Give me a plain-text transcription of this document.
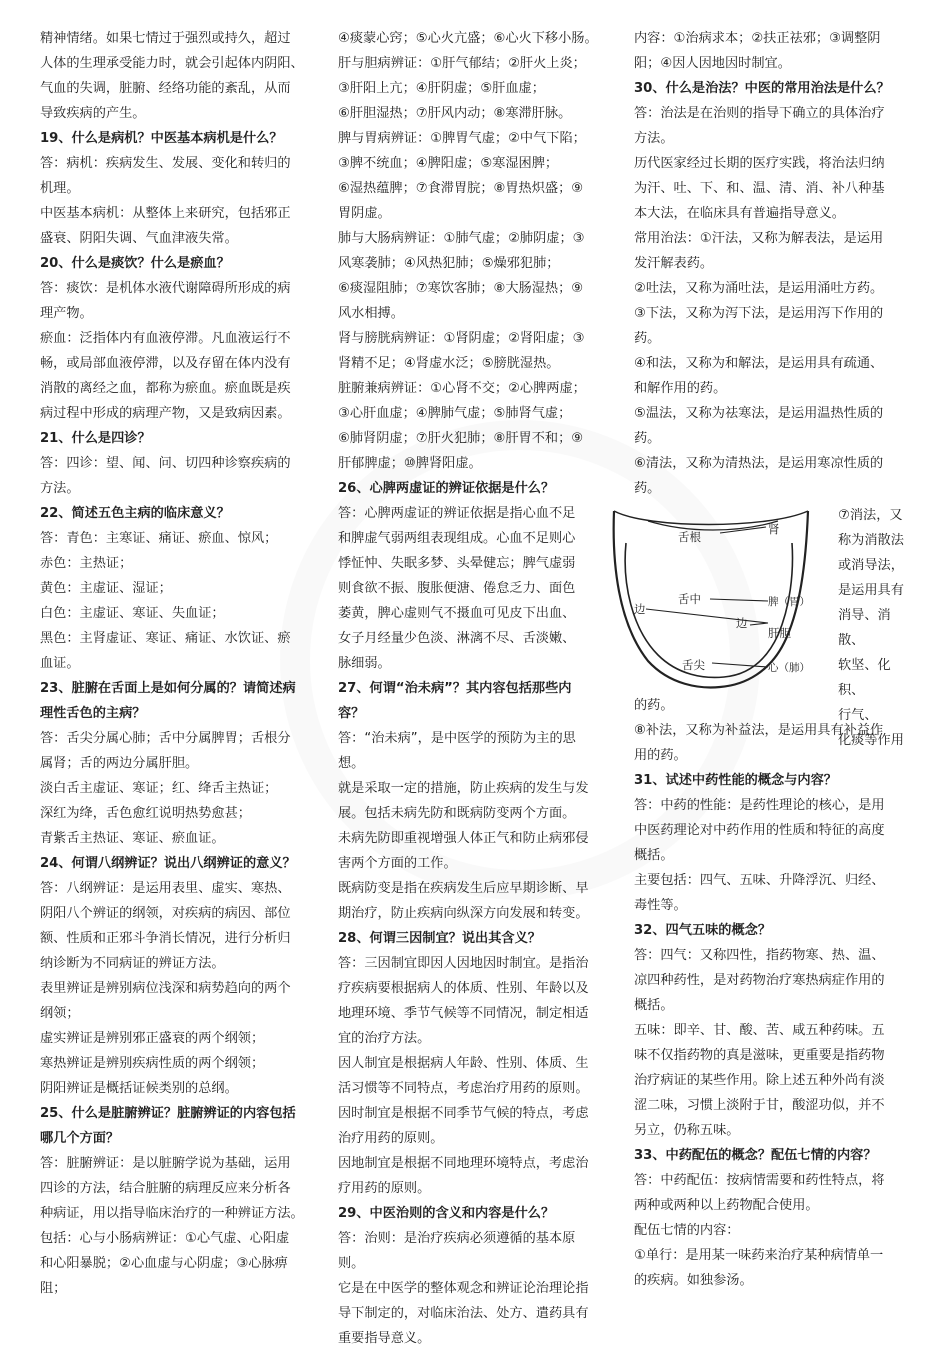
精神情绪。如果七情过于强烈或持久，超过
人体的生理承受能力时，就会引起体内阴阳、
气血的失调，脏腑、经络功能的紊乱，从而
导致疾病的产生。
19、什么是病机？中医基本病机是什么？
答：病机：疾病发生、发展、变化和转归的
机理。
中医基本病机：从整体上来研究，包括邪正
盛衰、阴阳失调、气血津液失常。
20、什么是痰饮？什么是瘀血？
答：痰饮：是机体水液代谢障碍所形成的病
理产物。
瘀血：泛指体内有血液停滞。凡血液运行不
畅，或局部血液停滞，以及存留在体内没有
消散的离经之血，都称为瘀血。瘀血既是疾
病过程中形成的病理产物，又是致病因素。
21、什么是四诊？
答：四诊：望、闻、问、切四种诊察疾病的
方法。
22、简述五色主病的临床意义？
答：青色：主寒证、痛证、瘀血、惊风；
赤色：主热证；
黄色：主虚证、湿证；
白色：主虚证、寒证、失血证；
黑色：主肾虚证、寒证、痛证、水饮证、瘀
血证。
23、脏腑在舌面上是如何分属的？请简述病
理性舌色的主病？
答：舌尖分属心肺；舌中分属脾胃；舌根分
属肾；舌的两边分属肝胆。
淡白舌主虚证、寒证；红、绛舌主热证；
深红为绛，舌色愈红说明热势愈甚；
青紫舌主热证、寒证、瘀血证。
24、何谓八纲辨证？说出八纲辨证的意义？
答：八纲辨证：是运用表里、虚实、寒热、
阴阳八个辨证的纲领，对疾病的病因、部位
额、性质和正邪斗争消长情况，进行分析归
纳诊断为不同病证的辨证方法。
表里辨证是辨别病位浅深和病势趋向的两个
纲领；
虚实辨证是辨别邪正盛衰的两个纲领；
寒热辨证是辨别疾病性质的两个纲领；
阴阳辨证是概括证候类别的总纲。
25、什么是脏腑辨证？脏腑辨证的内容包括
哪几个方面？
答：脏腑辨证：是以脏腑学说为基础，运用
四诊的方法，结合脏腑的病理反应来分析各
种病证，用以指导临床治疗的一种辨证方法。
包括：心与小肠病辨证：①心气虚、心阳虚
和心阳暴脱；②心血虚与心阴虚；③心脉痹
阻；
④痰蒙心窍；⑤心火亢盛；⑥心火下移小肠。
肝与胆病辨证：①肝气郁结；②肝火上炎；
③肝阳上亢；④肝阴虚；⑤肝血虚；
⑥肝胆湿热；⑦肝风内动；⑧寒滞肝脉。
脾与胃病辨证：①脾胃气虚；②中气下陷；
③脾不统血；④脾阳虚；⑤寒湿困脾；
⑥湿热蕴脾；⑦食滞胃脘；⑧胃热炽盛；⑨
胃阴虚。
肺与大肠病辨证：①肺气虚；②肺阴虚；③
风寒袭肺；④风热犯肺；⑤燥邪犯肺；
⑥痰湿阻肺；⑦寒饮客肺；⑧大肠湿热；⑨
风水相搏。
肾与膀胱病辨证：①肾阴虚；②肾阳虚；③
肾精不足；④肾虚水泛；⑤膀胱湿热。
脏腑兼病辨证：①心肾不交；②心脾两虚；
③心肝血虚；④脾肺气虚；⑤肺肾气虚；
⑥肺肾阴虚；⑦肝火犯肺；⑧肝胃不和；⑨
肝郁脾虚；⑩脾肾阳虚。
26、心脾两虚证的辨证依据是什么？
答：心脾两虚证的辨证依据是指心血不足
和脾虚气弱两组表现组成。心血不足则心
悸怔忡、失眠多梦、头晕健忘；脾气虚弱
则食欲不振、腹胀便溏、倦怠乏力、面色
萎黄，脾心虚则气不摄血可见皮下出血、
女子月经量少色淡、淋漓不尽、舌淡嫩、
脉细弱。
27、何谓“治未病”？其内容包括那些内
容？
答：“治未病”，是中医学的预防为主的思想。
就是采取一定的措施，防止疾病的发生与发
展。包括未病先防和既病防变两个方面。
未病先防即重视增强人体正气和防止病邪侵
害两个方面的工作。
既病防变是指在疾病发生后应早期诊断、早
期治疗，防止疾病向纵深方向发展和转变。
28、何谓三因制宜？说出其含义？
答：三因制宜即因人因地因时制宜。是指治
疗疾病要根据病人的体质、性别、年龄以及
地理环境、季节气候等不同情况，制定相适
宜的治疗方法。
因人制宜是根据病人年龄、性别、体质、生
活习惯等不同特点，考虑治疗用药的原则。
因时制宜是根据不同季节气候的特点，考虑
治疗用药的原则。
因地制宜是根据不同地理环境特点，考虑治
疗用药的原则。
29、中医治则的含义和内容是什么？
答：治则：是治疗疾病必须遵循的基本原则。
它是在中医学的整体观念和辨证论治理论指
导下制定的，对临床治法、处方、遣药具有
重要指导意义。
内容：①治病求本；②扶正祛邪；③调整阴
阳；④因人因地因时制宜。
30、什么是治法？中医的常用治法是什么？
答：治法是在治则的指导下确立的具体治疗
方法。
历代医家经过长期的医疗实践，将治法归纳
为汗、吐、下、和、温、清、消、补八种基
本大法，在临床具有普遍指导意义。
常用治法：①汗法，又称为解表法，是运用
发汗解表药。
②吐法，又称为涌吐法，是运用涌吐方药。
③下法，又称为泻下法，是运用泻下作用的
药。
④和法，又称为和解法，是运用具有疏通、
和解作用的药。
⑤温法，又称为祛寒法，是运用温热性质的
药。
⑥清法，又称为清热法，是运用寒凉性质的
药。
舌根
肾
舌中	脾（胃）
边
边
肝胆
舌尖	心（肺）
⑦消法，又
称为消散法
或消导法，
是运用具有
消导、消散、
软坚、化积、
行气、
化痰等作用
的药。
⑧补法，又称为补益法，是运用具有补益作
用的药。
31、试述中药性能的概念与内容？
答：中药的性能：是药性理论的核心，是用
中医药理论对中药作用的性质和特征的高度
概括。
主要包括：四气、五味、升降浮沉、归经、
毒性等。
32、四气五味的概念？
答：四气：又称四性，指药物寒、热、温、
凉四种药性，是对药物治疗寒热病症作用的
概括。
五味：即辛、甘、酸、苦、咸五种药味。五
味不仅指药物的真是滋味，更重要是指药物
治疗病证的某些作用。除上述五种外尚有淡
涩二味，习惯上淡附于甘，酸涩功似，并不
另立，仍称五味。
33、中药配伍的概念？配伍七情的内容？
答：中药配伍：按病情需要和药性特点，将
两种或两种以上药物配合使用。
配伍七情的内容：
①单行：是用某一味药来治疗某种病情单一
的疾病。如独参汤。
